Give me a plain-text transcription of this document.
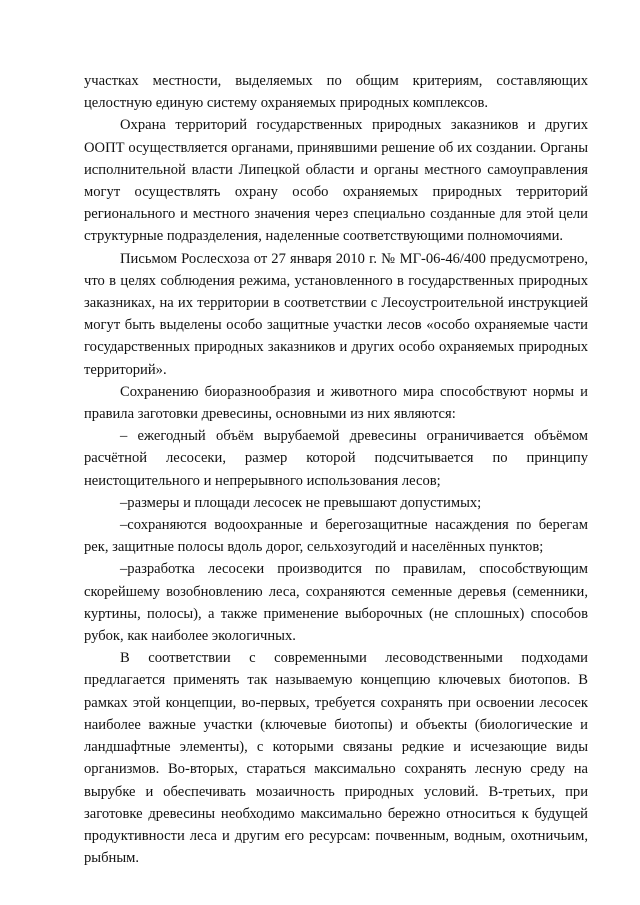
участках местности, выделяемых по общим критериям, составляющих целостную единую систему охраняемых природных комплексов.

Охрана территорий государственных природных заказников и других ООПТ осуществляется органами, принявшими решение об их создании. Органы исполнительной власти Липецкой области и органы местного самоуправления могут осуществлять охрану особо охраняемых природных территорий регионального и местного значения через специально созданные для этой цели структурные подразделения, наделенные соответствующими полномочиями.

Письмом Рослесхоза от 27 января 2010 г. № МГ-06-46/400 предусмотрено, что в целях соблюдения режима, установленного в государственных природных заказниках, на их территории в соответствии с Лесоустроительной инструкцией могут быть выделены особо защитные участки лесов «особо охраняемые части государственных природных заказников и других особо охраняемых природных территорий».

Сохранению биоразнообразия и животного мира способствуют нормы и правила заготовки древесины, основными из них являются:

– ежегодный объём вырубаемой древесины ограничивается объёмом расчётной лесосеки, размер которой подсчитывается по принципу неистощительного и непрерывного использования лесов;

–размеры и площади лесосек не превышают допустимых;

–сохраняются водоохранные и берегозащитные насаждения по берегам рек, защитные полосы вдоль дорог, сельхозугодий и населённых пунктов;

–разработка лесосеки производится по правилам, способствующим скорейшему возобновлению леса, сохраняются семенные деревья (семенники, куртины, полосы), а также применение выборочных (не сплошных) способов рубок, как наиболее экологичных.

В соответствии с современными лесоводственными подходами предлагается применять так называемую концепцию ключевых биотопов. В рамках этой концепции, во-первых, требуется сохранять при освоении лесосек наиболее важные участки (ключевые биотопы) и объекты (биологические и ландшафтные элементы), с которыми связаны редкие и исчезающие виды организмов. Во-вторых, стараться максимально сохранять лесную среду на вырубке и обеспечивать мозаичность природных условий. В-третьих, при заготовке древесины необходимо максимально бережно относиться к будущей продуктивности леса и другим его ресурсам: почвенным, водным, охотничьим, рыбным.
